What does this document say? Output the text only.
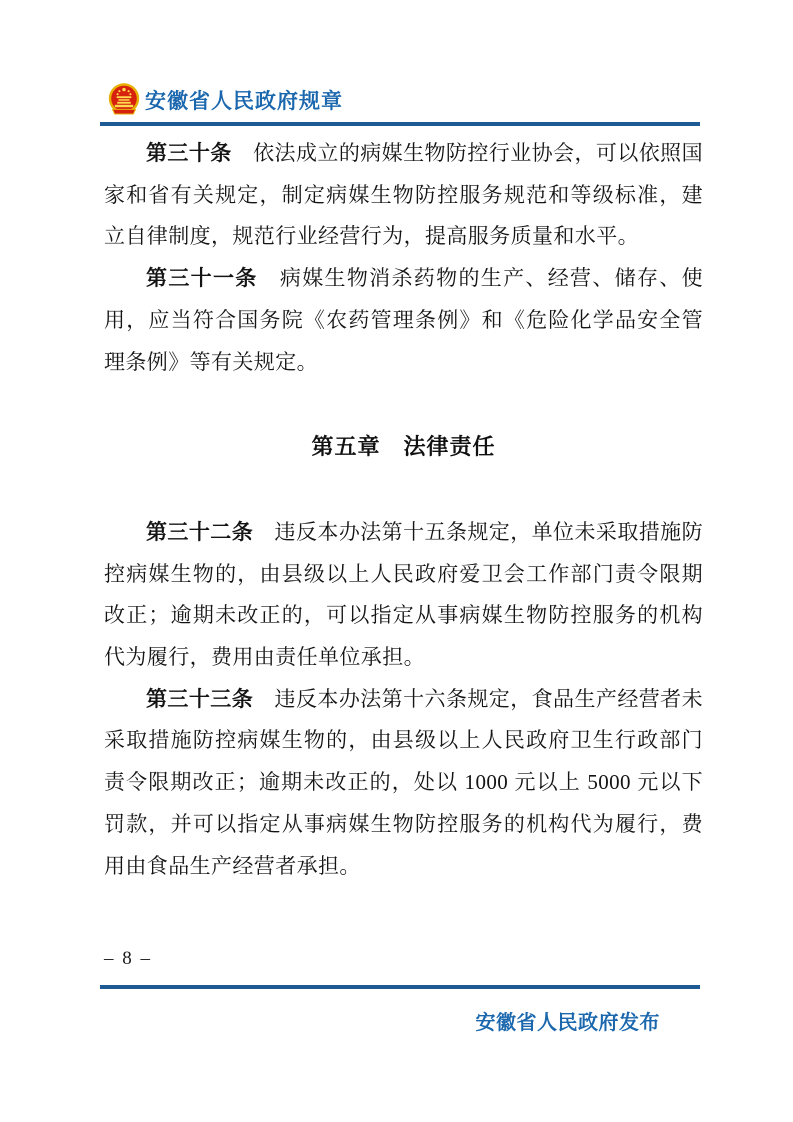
安徽省人民政府规章

第三十条　依法成立的病媒生物防控行业协会，可以依照国家和省有关规定，制定病媒生物防控服务规范和等级标准，建立自律制度，规范行业经营行为，提高服务质量和水平。

第三十一条　病媒生物消杀药物的生产、经营、储存、使用，应当符合国务院《农药管理条例》和《危险化学品安全管理条例》等有关规定。

第五章　法律责任

第三十二条　违反本办法第十五条规定，单位未采取措施防控病媒生物的，由县级以上人民政府爱卫会工作部门责令限期改正；逾期未改正的，可以指定从事病媒生物防控服务的机构代为履行，费用由责任单位承担。

第三十三条　违反本办法第十六条规定，食品生产经营者未采取措施防控病媒生物的，由县级以上人民政府卫生行政部门责令限期改正；逾期未改正的，处以 1000 元以上 5000 元以下罚款，并可以指定从事病媒生物防控服务的机构代为履行，费用由食品生产经营者承担。

– 8 –
安徽省人民政府发布
